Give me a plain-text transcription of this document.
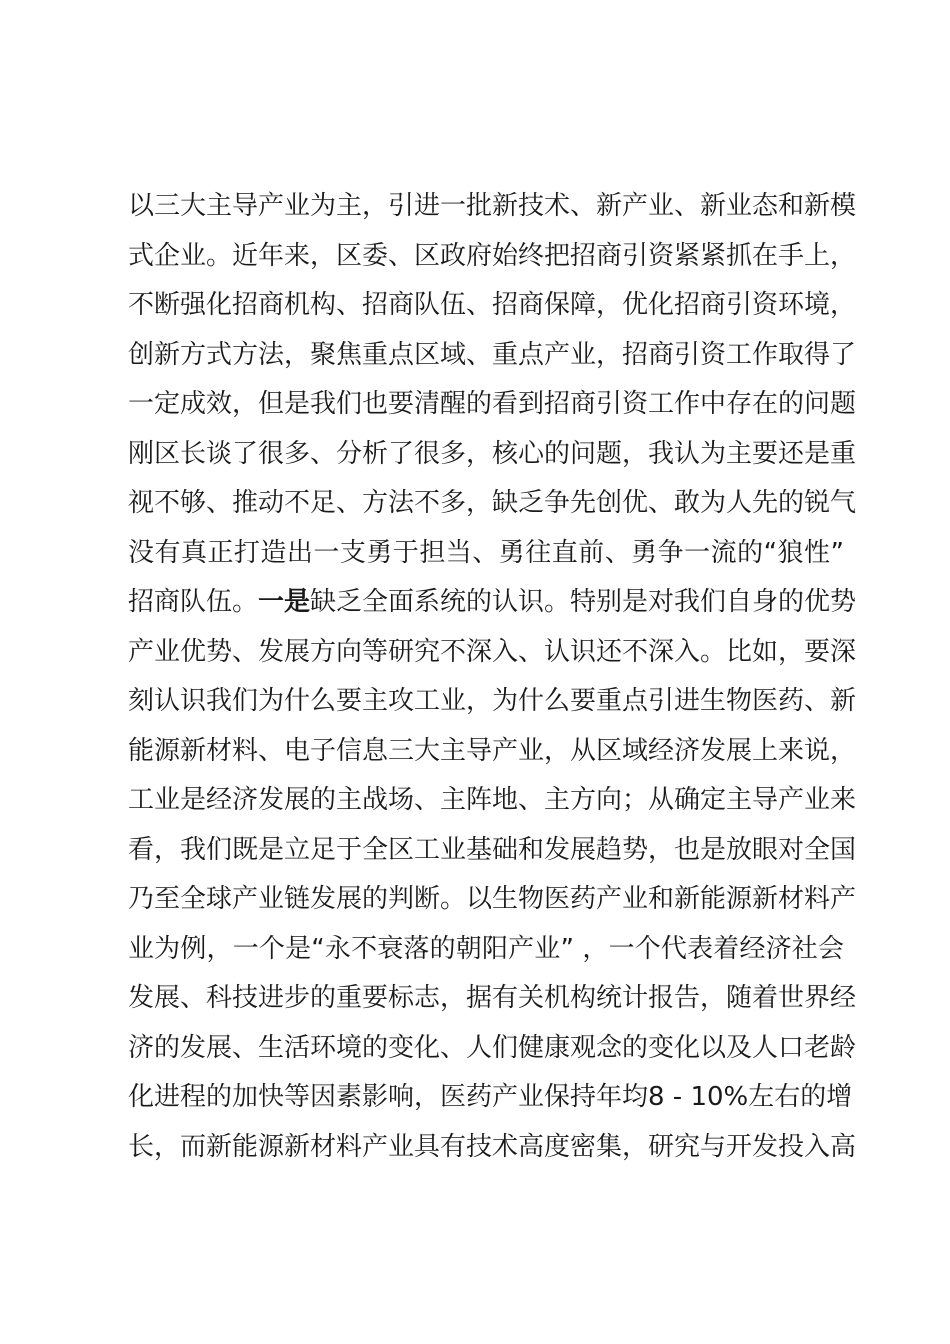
以三大主导产业为主，引进一批新技术、新产业、新业态和新模
式企业。近年来，区委、区政府始终把招商引资紧紧抓在手上，
不断强化招商机构、招商队伍、招商保障，优化招商引资环境，
创新方式方法，聚焦重点区域、重点产业，招商引资工作取得了
一定成效，但是我们也要清醒的看到招商引资工作中存在的问题
刚区长谈了很多、分析了很多，核心的问题，我认为主要还是重
视不够、推动不足、方法不多，缺乏争先创优、敢为人先的锐气
没有真正打造出一支勇于担当、勇往直前、勇争一流的“狼性”
招商队伍。一是缺乏全面系统的认识。特别是对我们自身的优势
产业优势、发展方向等研究不深入、认识还不深入。比如，要深
刻认识我们为什么要主攻工业，为什么要重点引进生物医药、新
能源新材料、电子信息三大主导产业，从区域经济发展上来说，
工业是经济发展的主战场、主阵地、主方向；从确定主导产业来
看，我们既是立足于全区工业基础和发展趋势，也是放眼对全国
乃至全球产业链发展的判断。以生物医药产业和新能源新材料产
业为例，一个是“永不衰落的朝阳产业” ，一个代表着经济社会
发展、科技进步的重要标志，据有关机构统计报告，随着世界经
济的发展、生活环境的变化、人们健康观念的变化以及人口老龄
化进程的加快等因素影响，医药产业保持年均8 - 10%左右的增
长，而新能源新材料产业具有技术高度密集，研究与开发投入高
